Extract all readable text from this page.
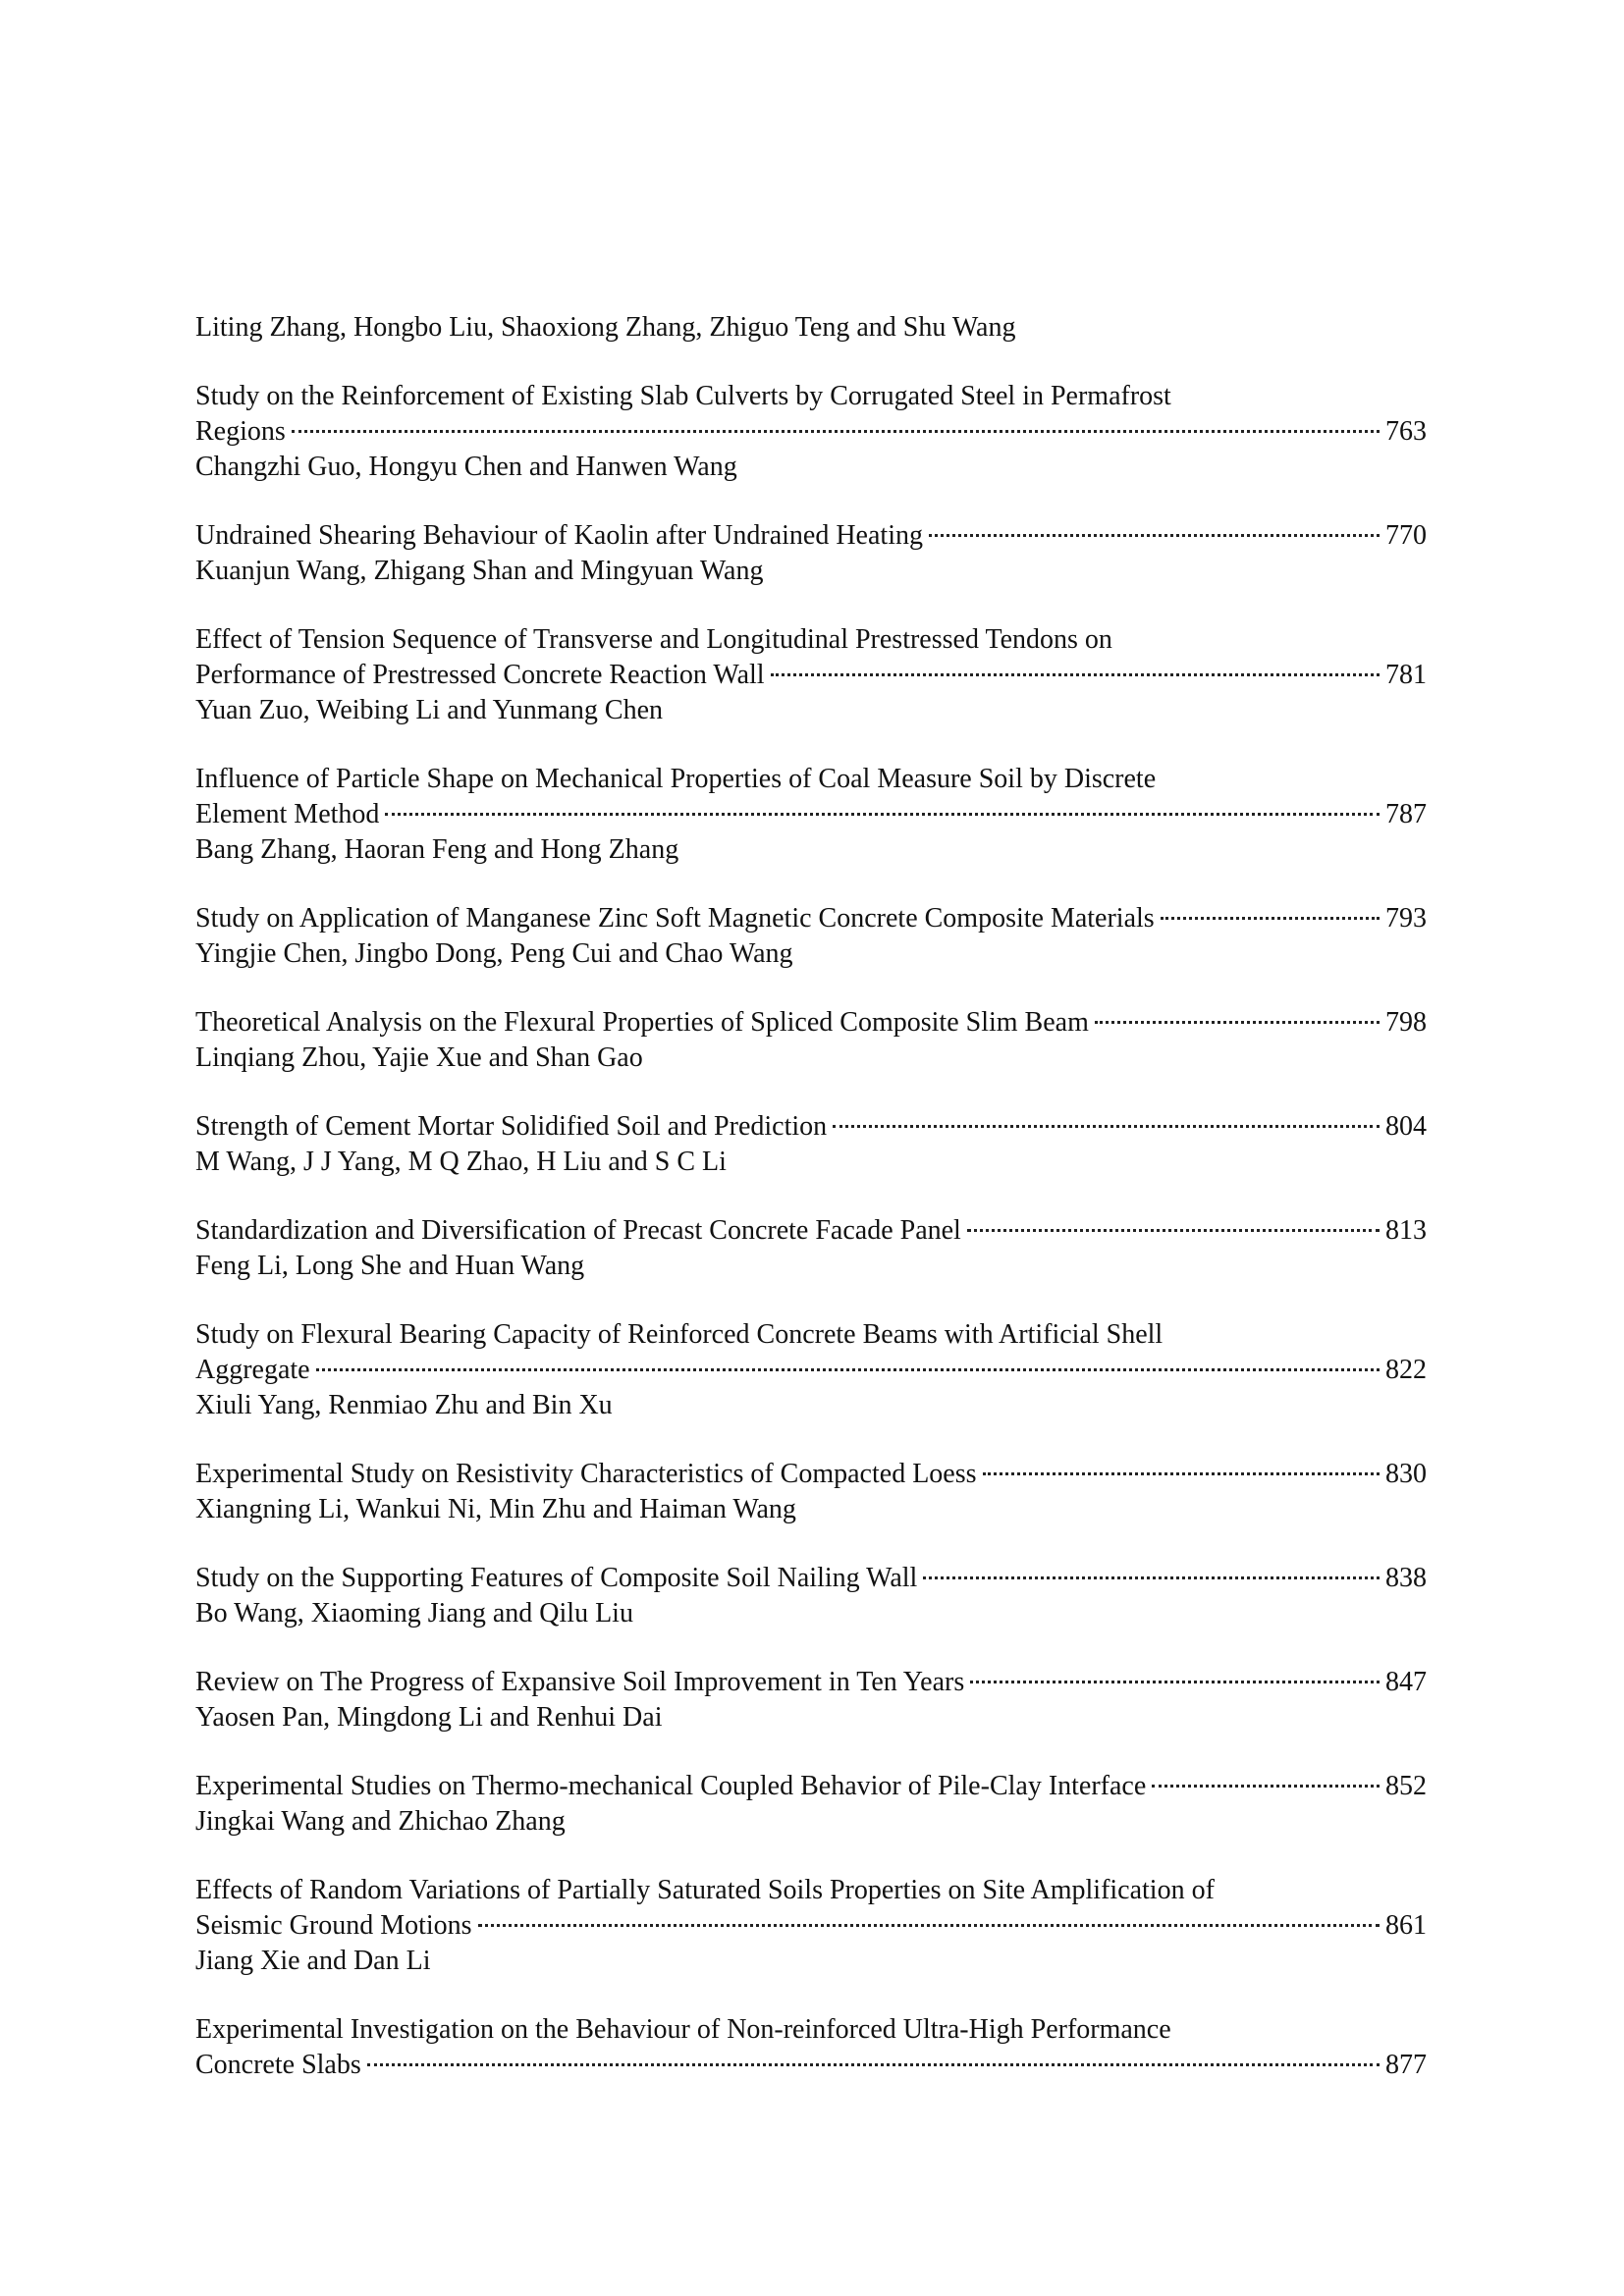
Liting Zhang, Hongbo Liu, Shaoxiong Zhang, Zhiguo Teng and Shu Wang
Study on the Reinforcement of Existing Slab Culverts by Corrugated Steel in Permafrost
Regions	763
Changzhi Guo, Hongyu Chen and Hanwen Wang
Undrained Shearing Behaviour of Kaolin after Undrained Heating	770
Kuanjun Wang, Zhigang Shan and Mingyuan Wang
Effect of Tension Sequence of Transverse and Longitudinal Prestressed Tendons on
Performance of Prestressed Concrete Reaction Wall	781
Yuan Zuo, Weibing Li and Yunmang Chen
Influence of Particle Shape on Mechanical Properties of Coal Measure Soil by Discrete
Element Method	787
Bang Zhang, Haoran Feng and Hong Zhang
Study on Application of Manganese Zinc Soft Magnetic Concrete Composite Materials	793
Yingjie Chen, Jingbo Dong, Peng Cui and Chao Wang
Theoretical Analysis on the Flexural Properties of Spliced Composite Slim Beam	798
Linqiang Zhou, Yajie Xue and Shan Gao
Strength of Cement Mortar Solidified Soil and Prediction	804
M Wang, J J Yang, M Q Zhao, H Liu and S C Li
Standardization and Diversification of Precast Concrete Facade Panel	813
Feng Li, Long She and Huan Wang
Study on Flexural Bearing Capacity of Reinforced Concrete Beams with Artificial Shell
Aggregate	822
Xiuli Yang, Renmiao Zhu and Bin Xu
Experimental Study on Resistivity Characteristics of Compacted Loess	830
Xiangning Li, Wankui Ni, Min Zhu and Haiman Wang
Study on the Supporting Features of Composite Soil Nailing Wall	838
Bo Wang, Xiaoming Jiang and Qilu Liu
Review on The Progress of Expansive Soil Improvement in Ten Years	847
Yaosen Pan, Mingdong Li and Renhui Dai
Experimental Studies on Thermo-mechanical Coupled Behavior of Pile-Clay Interface	852
Jingkai Wang and Zhichao Zhang
Effects of Random Variations of Partially Saturated Soils Properties on Site Amplification of
Seismic Ground Motions	861
Jiang Xie and Dan Li
Experimental Investigation on the Behaviour of Non-reinforced Ultra-High Performance
Concrete Slabs	877
